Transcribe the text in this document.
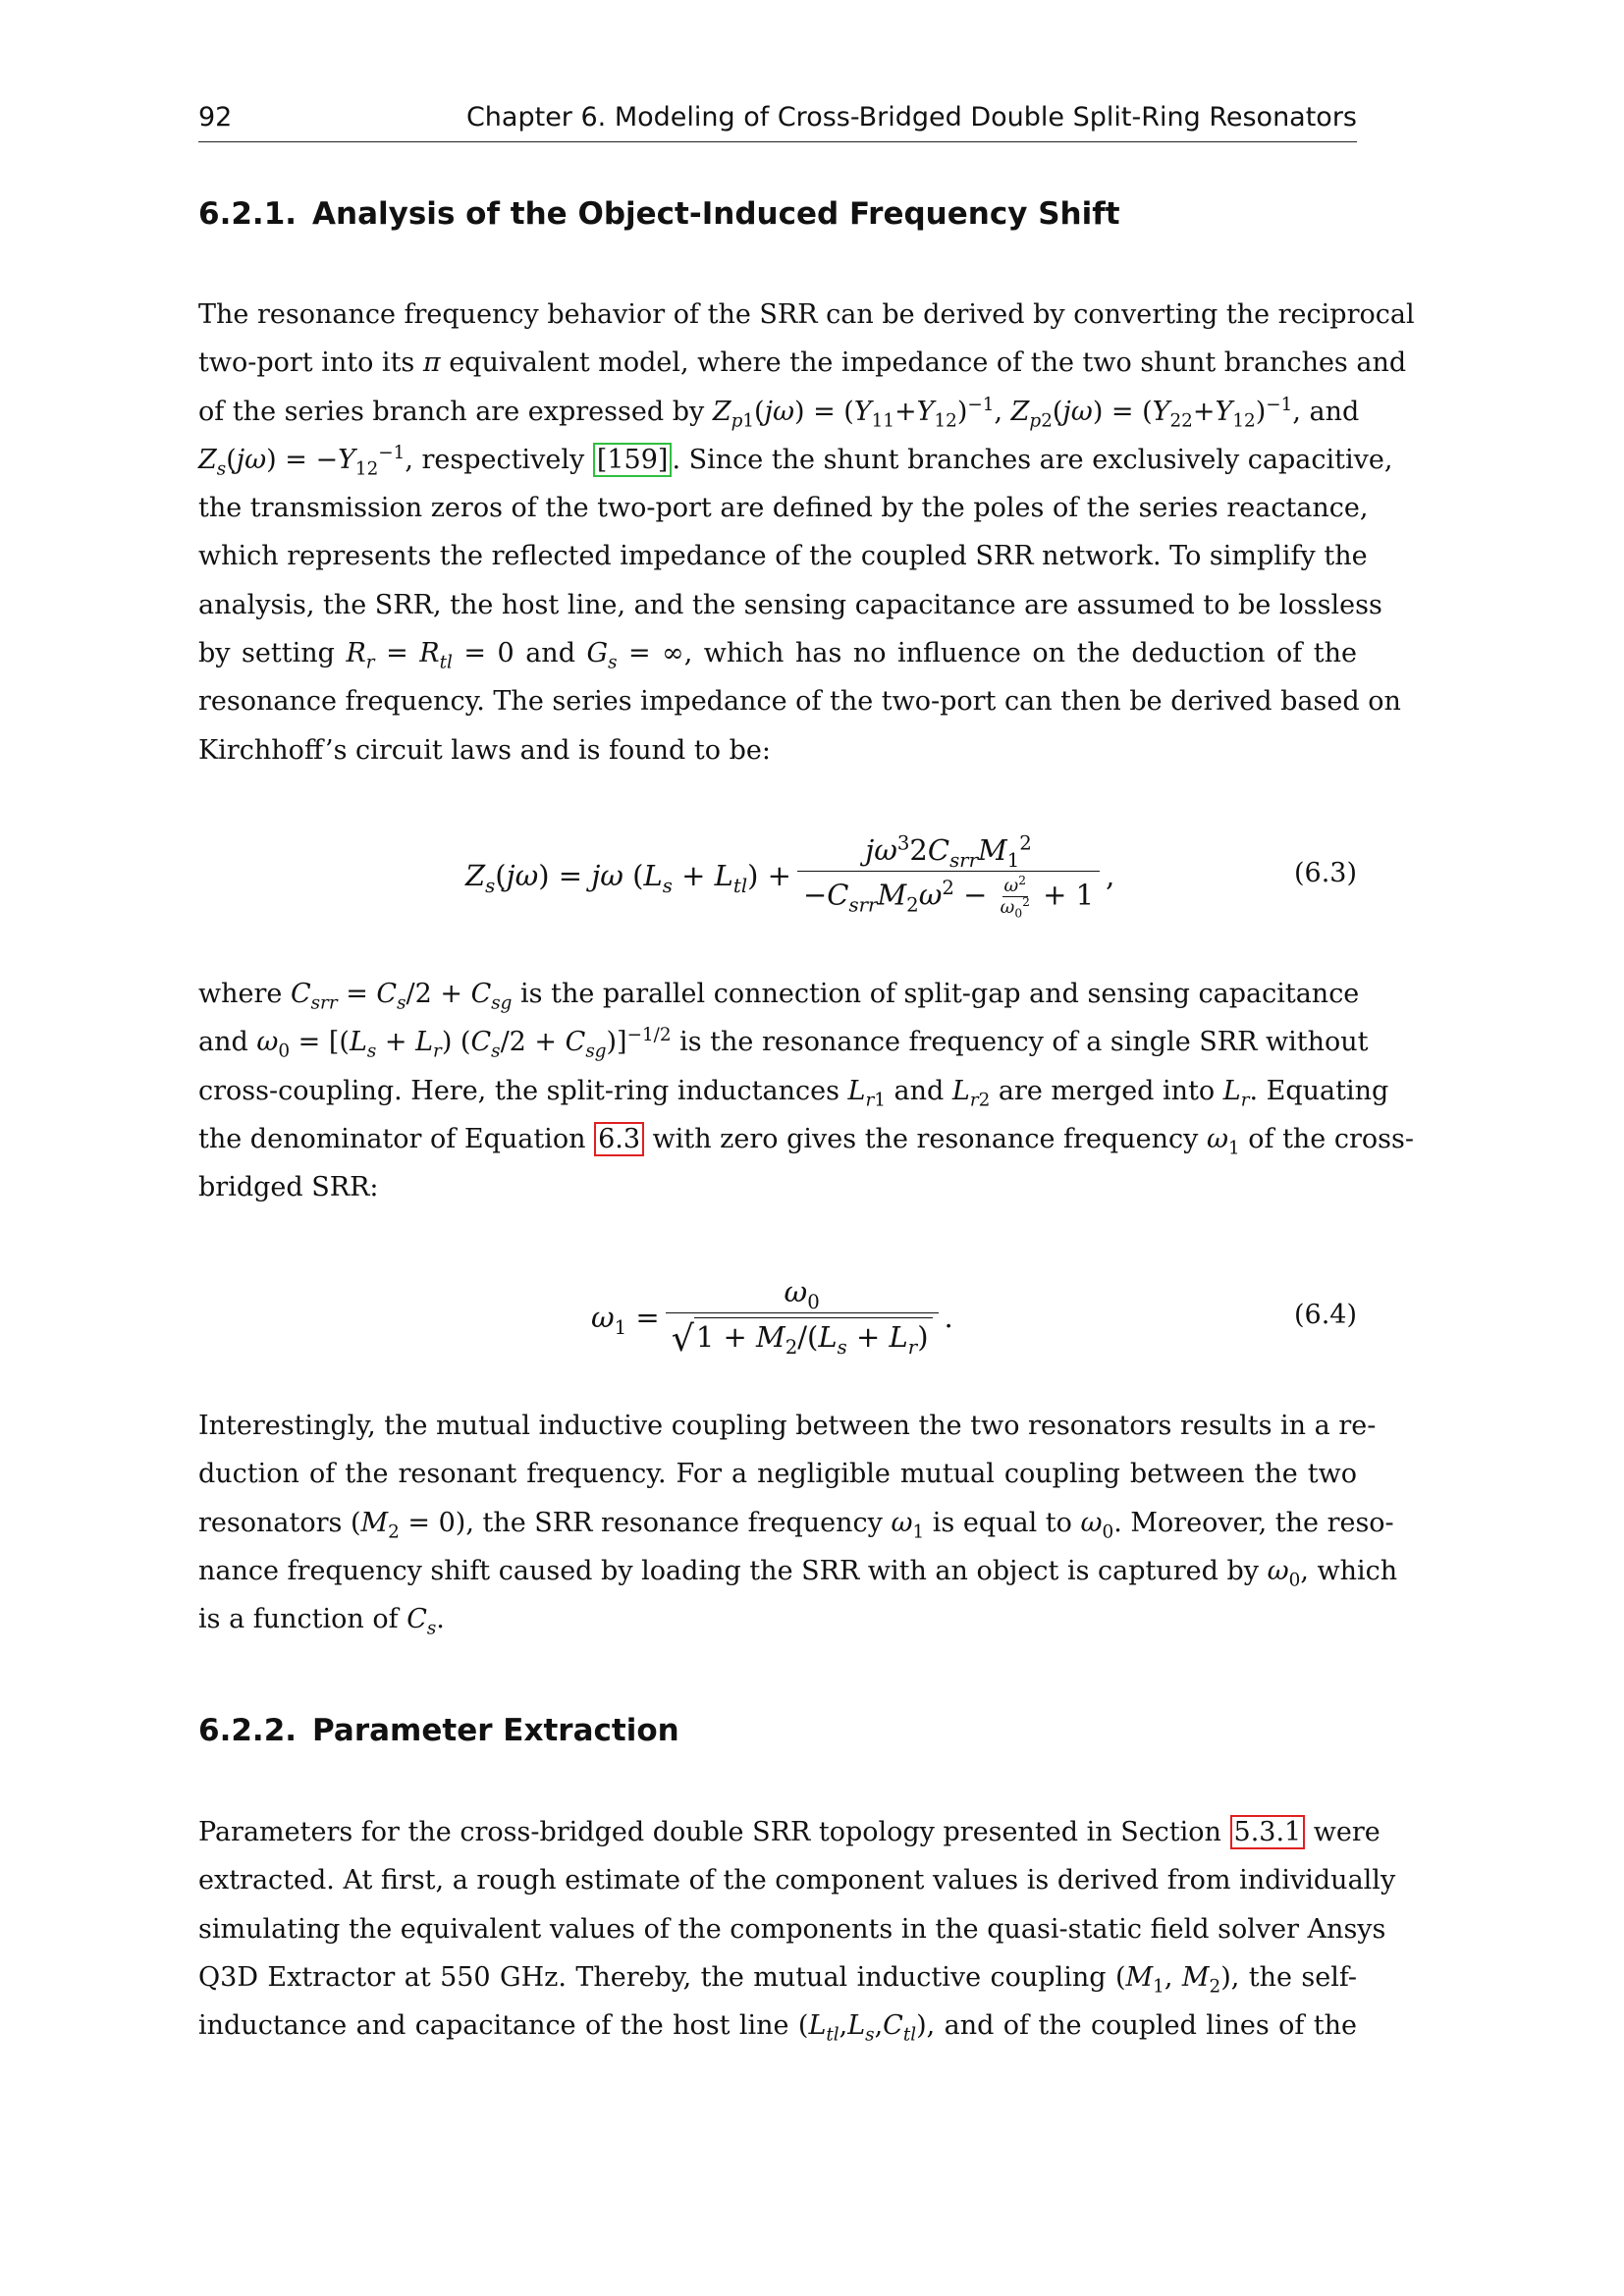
92	Chapter 6. Modeling of Cross-Bridged Double Split-Ring Resonators
6.2.1. Analysis of the Object-Induced Frequency Shift
The resonance frequency behavior of the SRR can be derived by converting the reciprocal
two-port into its π equivalent model, where the impedance of the two shunt branches and
of the series branch are expressed by $Z_{p1}(j\omega) = (Y_{11}+Y_{12})^{-1}$, $Z_{p2}(j\omega) = (Y_{22}+Y_{12})^{-1}$, and
$Z_s(j\omega) = -Y_{12}^{-1}$, respectively [159] . Since the shunt branches are exclusively capacitive,
the transmission zeros of the two-port are defined by the poles of the series reactance,
which represents the reflected impedance of the coupled SRR network. To simplify the
analysis, the SRR, the host line, and the sensing capacitance are assumed to be lossless
by setting $R_r = R_{tl} = 0$ and $G_s$ = ∞, which has no influence on the deduction of the
resonance frequency. The series impedance of the two-port can then be derived based on
Kirchhoff’s circuit laws and is found to be:
$Z_s(j\omega) = j\omega$ $(L_s + L_{tl}) + \frac{j\omega^32C_{srr}M_1^2}{-C_{srr}M_2\omega^2 - \frac{\omega^2}{\omega_0^2} + 1}$ ,	(6.3)
where $C_{srr} = C_s/2 + C_{sg}$ is the parallel connection of split-gap and sensing capacitance
and $\omega_0 = [(L_s + L_r) (C_s/2 + C_{sg})]^{-1/2}$ is the resonance frequency of a single SRR without
cross-coupling. Here, the split-ring inductances $L_{r1}$ and $L_{r2}$ are merged into $L_r$. Equating
the denominator of Equation 6.3 with zero gives the resonance frequency $\omega_1$ of the cross-
bridged SRR:
$\omega_1 = \frac{\omega_0}{√ 1 + M_2/(L_s + L_r)}$ .	(6.4)
Interestingly, the mutual inductive coupling between the two resonators results in a re-
duction of the resonant frequency. For a negligible mutual coupling between the two
resonators $(M_2 = 0)$, the SRR resonance frequency $\omega_1$ is equal to $\omega_0$. Moreover, the reso-
nance frequency shift caused by loading the SRR with an object is captured by $\omega_0$, which
is a function of $C_s$.
6.2.2. Parameter Extraction
Parameters for the cross-bridged double SRR topology presented in Section 5.3.1 were
extracted. At first, a rough estimate of the component values is derived from individually
simulating the equivalent values of the components in the quasi-static field solver Ansys
Q3D Extractor at 550 GHz. Thereby, the mutual inductive coupling ($M_1$, $M_2$), the self-
inductance and capacitance of the host line $(L_{tl},L_s,C_{tl})$, and of the coupled lines of the
